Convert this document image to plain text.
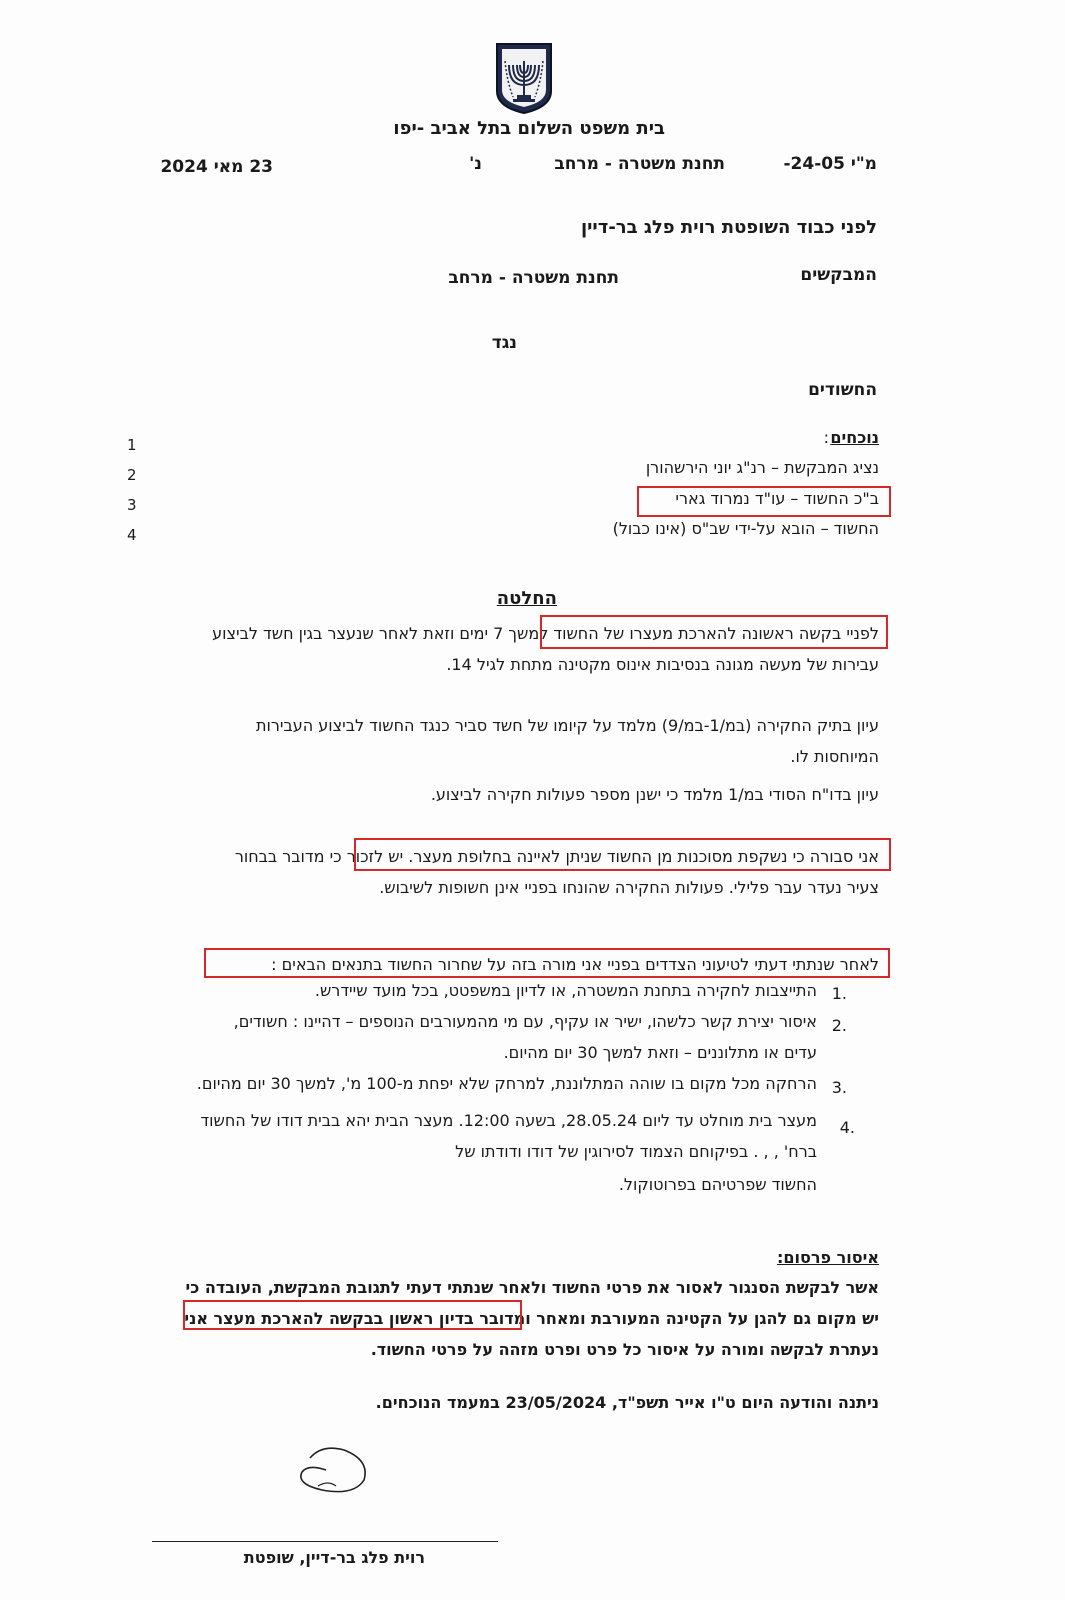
בית משפט השלום בתל אביב -יפו
מ"י 24-05-
נ'	תחנת משטרה - מרחב
23 מאי 2024
לפני כבוד השופטת רוית פלג בר-דיין
המבקשים
תחנת משטרה - מרחב
נגד
החשודים
נוכחים
:
נציג המבקשת – רנ"ג יוני הירשהורן
ב"כ החשוד – עו"ד נמרוד גארי
החשוד – הובא על-ידי שב"ס (אינו כבול)
1
2
3
4
החלטה
לפניי בקשה ראשונה להארכת מעצרו של החשוד למשך 7 ימים וזאת לאחר שנעצר בגין חשד לביצוע
עבירות של מעשה מגונה בנסיבות אינוס מקטינה מתחת לגיל 14.
עיון בתיק החקירה (במ/1-במ/9) מלמד על קיומו של חשד סביר כנגד החשוד לביצוע העבירות
המיוחסות לו.
עיון בדו"ח הסודי במ/1 מלמד כי ישנן מספר פעולות חקירה לביצוע.
אני סבורה כי נשקפת מסוכנות מן החשוד שניתן לאיינה בחלופת מעצר. יש לזכור כי מדובר בבחור
צעיר נעדר עבר פלילי. פעולות החקירה שהונחו בפניי אינן חשופות לשיבוש.
לאחר שנתתי דעתי לטיעוני הצדדים בפניי אני מורה בזה על שחרור החשוד בתנאים הבאים :
1.
התייצבות לחקירה בתחנת המשטרה, או לדיון במשפטט, בכל מועד שיידרש.
2.
איסור יצירת קשר כלשהו, ישיר או עקיף, עם מי מהמעורבים הנוספים – דהיינו : חשודים,
עדים או מתלוננים – וזאת למשך 30 יום מהיום.
3.
הרחקה מכל מקום בו שוהה המתלוננת, למרחק שלא יפחת מ-100 מ', למשך 30 יום מהיום.
4.
מעצר בית מוחלט עד ליום 28.05.24, בשעה 12:00. מעצר הבית יהא בבית דודו של החשוד
ברח' , , . בפיקוחם הצמוד לסירוגין של דודו ודודתו של
החשוד שפרטיהם בפרוטוקול.
איסור פרסום:
אשר לבקשת הסנגור לאסור את פרטי החשוד ולאחר שנתתי דעתי לתגובת המבקשת, העובדה כי
יש מקום גם להגן על הקטינה המעורבת ומאחר ומדובר בדיון ראשון בבקשה להארכת מעצר אני
נעתרת לבקשה ומורה על איסור כל פרט ופרט מזהה על פרטי החשוד.
ניתנה והודעה היום ט"ו אייר תשפ"ד, 23/05/2024 במעמד הנוכחים.
רוית פלג בר-דיין, שופטת
